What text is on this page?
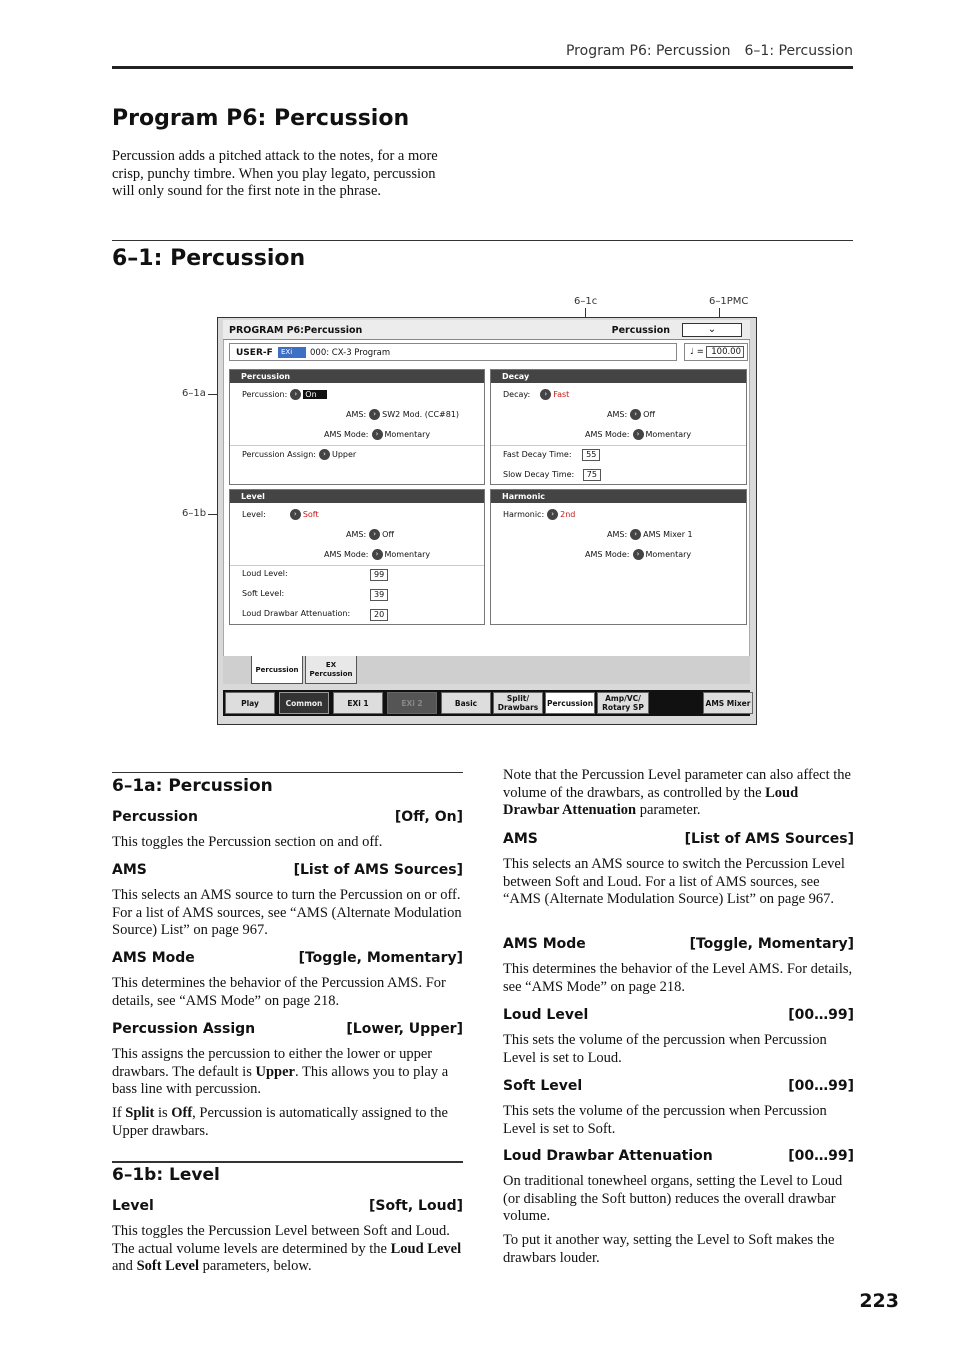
Program P6: Percussion 6–1: Percussion
Program P6: Percussion
Percussion adds a pitched attack to the notes, for a more crisp, punchy timbre. When you play legato, percussion will only sound for the first note in the phrase.
6–1: Percussion
6–1c	6–1PMC
6–1a
6–1b
PROGRAM P6:Percussion	Percussion	⌄
USER-F	EXi	000: CX-3 Program	♩ = 100.00
Percussion
Percussion: › On
AMS: › SW2 Mod. (CC#81)
AMS Mode: › Momentary
Percussion Assign: › Upper
Decay
Decay: › Fast
AMS: › Off
AMS Mode: › Momentary
Fast Decay Time: 55
Slow Decay Time: 75
Level
Level:	› Soft
AMS: › Off
AMS Mode: › Momentary
Loud Level:	99
Soft Level:	39
Loud Drawbar Attenuation:	20
Harmonic
Harmonic: › 2nd
AMS: › AMS Mixer 1
AMS Mode: › Momentary
Percussion
EX
Percussion
Play	Common	EXi 1	EXi 2	Basic	Split/
Drawbars	Percussion	Amp/VC/
Rotary SP	AMS Mixer
6–1a: Percussion
Percussion	[Off, On]
This toggles the Percussion section on and off.
AMS	[List of AMS Sources]
This selects an AMS source to turn the Percussion on or off. For a list of AMS sources, see “AMS (Alternate Modulation Source) List” on page 967.
AMS Mode	[Toggle, Momentary]
This determines the behavior of the Percussion AMS. For details, see “AMS Mode” on page 218.
Percussion Assign	[Lower, Upper]
This assigns the percussion to either the lower or upper drawbars. The default is Upper. This allows you to play a bass line with percussion.
If Split is Off, Percussion is automatically assigned to the Upper drawbars.
6–1b: Level
Level	[Soft, Loud]
This toggles the Percussion Level between Soft and Loud. The actual volume levels are determined by the Loud Level and Soft Level parameters, below.
Note that the Percussion Level parameter can also affect the volume of the drawbars, as controlled by the Loud Drawbar Attenuation parameter.
AMS	[List of AMS Sources]
This selects an AMS source to switch the Percussion Level between Soft and Loud. For a list of AMS sources, see “AMS (Alternate Modulation Source) List” on page 967.
AMS Mode	[Toggle, Momentary]
This determines the behavior of the Level AMS. For details, see “AMS Mode” on page 218.
Loud Level	[00…99]
This sets the volume of the percussion when Percussion Level is set to Loud.
Soft Level	[00…99]
This sets the volume of the percussion when Percussion Level is set to Soft.
Loud Drawbar Attenuation	[00…99]
On traditional tonewheel organs, setting the Level to Loud (or disabling the Soft button) reduces the overall drawbar volume.
To put it another way, setting the Level to Soft makes the drawbars louder.
223
